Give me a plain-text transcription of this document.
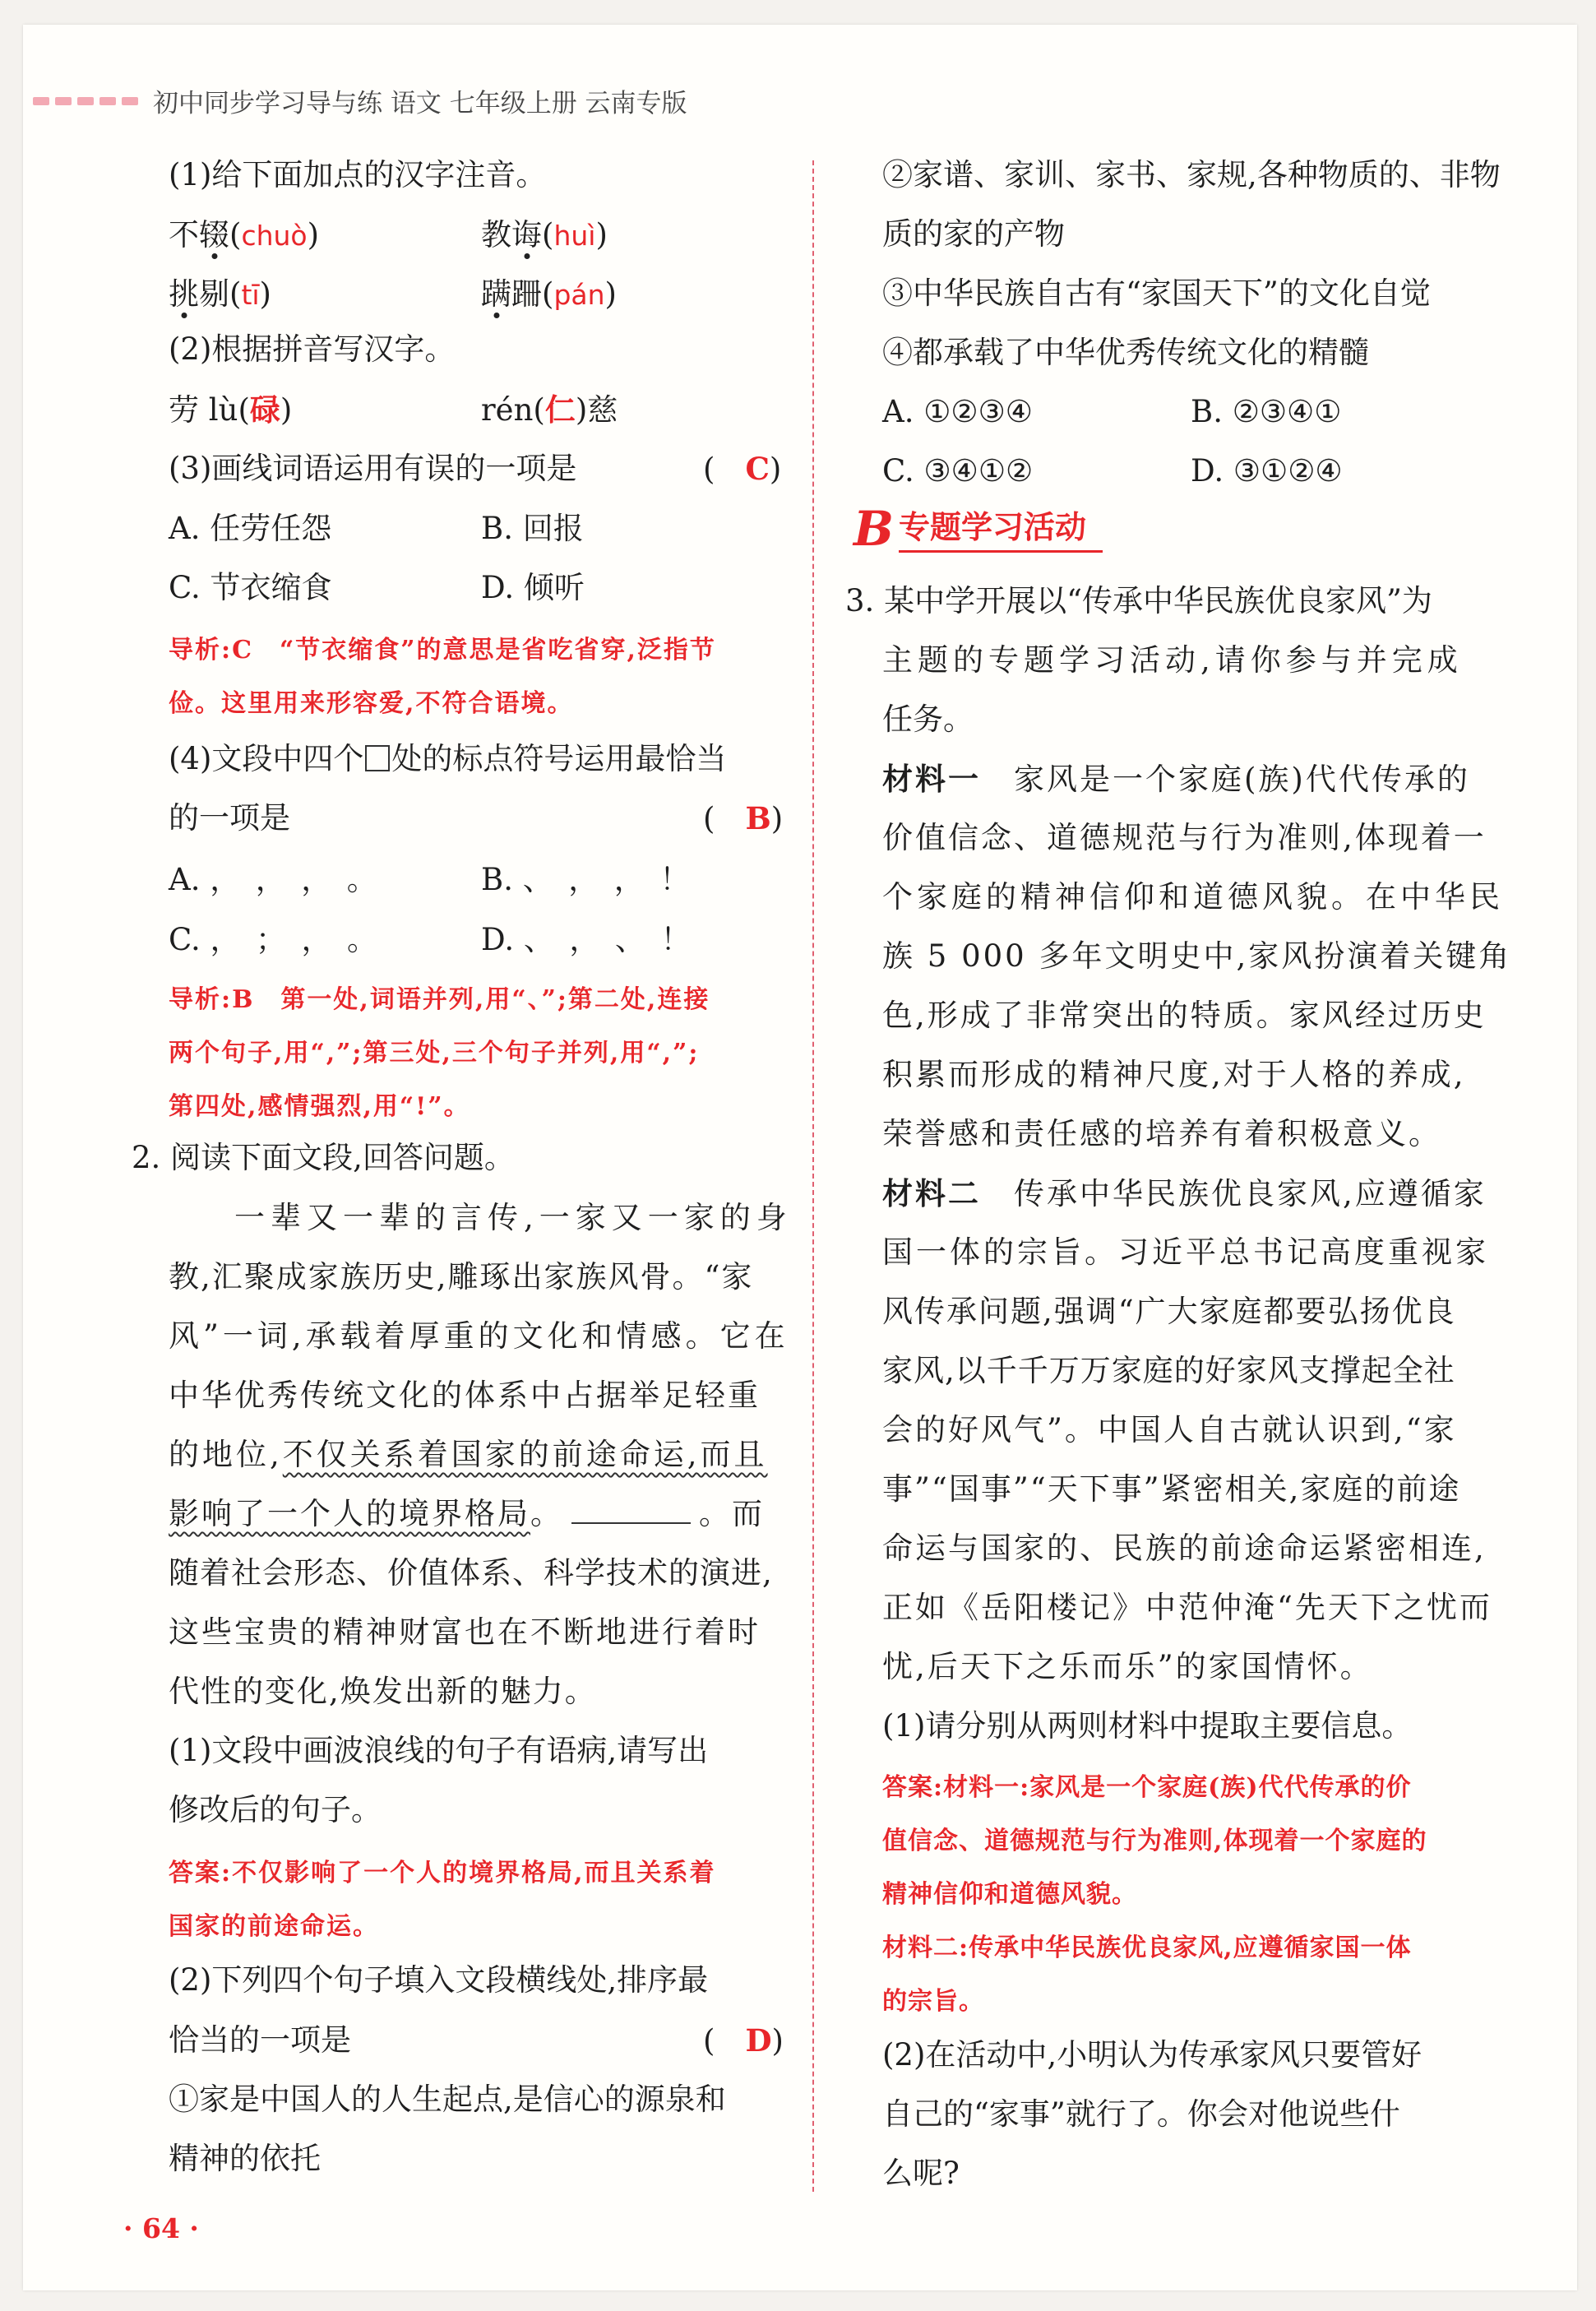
初中同步学习导与练 语文 七年级上册 云南专版
(1)给下面加点的汉字注音。
不辍(chuò)	教诲(huì)
挑剔(tī)	蹒跚(pán)
(2)根据拼音写汉字。
劳 lù(碌)	rén(仁)慈
(3)画线词语运用有误的一项是	(　C)
A. 任劳任怨	B. 回报
C. 节衣缩食	D. 倾听
导析:C　“节衣缩食”的意思是省吃省穿,泛指节
俭。这里用来形容爱,不符合语境。
(4)文段中四个 处的标点符号运用最恰当
的一项是	(　B)
A. ，　，　，　。	B. 、　，　，　！
C. ，　；　，　。	D. 、　，　、　！
导析:B　第一处,词语并列,用“、”;第二处,连接
两个句子,用“,”;第三处,三个句子并列,用“,”;
第四处,感情强烈,用“!”。
2. 阅读下面文段,回答问题。
一辈又一辈的言传,一家又一家的身
教,汇聚成家族历史,雕琢出家族风骨。“家
风”一词,承载着厚重的文化和情感。它在
中华优秀传统文化的体系中占据举足轻重
的地位,不仅关系着国家的前途命运,而且
影响了一个人的境界格局。	。而
随着社会形态、价值体系、科学技术的演进,
这些宝贵的精神财富也在不断地进行着时
代性的变化,焕发出新的魅力。
(1)文段中画波浪线的句子有语病,请写出
修改后的句子。
答案:不仅影响了一个人的境界格局,而且关系着
国家的前途命运。
(2)下列四个句子填入文段横线处,排序最
恰当的一项是	(　D)
①家是中国人的人生起点,是信心的源泉和
精神的依托
②家谱、家训、家书、家规,各种物质的、非物
质的家的产物
③中华民族自古有“家国天下”的文化自觉
④都承载了中华优秀传统文化的精髓
A. ①②③④	B. ②③④①
C. ③④①②	D. ③①②④
B 专题学习活动
3. 某中学开展以“传承中华民族优良家风”为
主题的专题学习活动,请你参与并完成
任务。
材料一　 家风是一个家庭(族)代代传承的
价值信念、道德规范与行为准则,体现着一
个家庭的精神信仰和道德风貌。在中华民
族 5 000 多年文明史中,家风扮演着关键角
色,形成了非常突出的特质。家风经过历史
积累而形成的精神尺度,对于人格的养成,
荣誉感和责任感的培养有着积极意义。
材料二　 传承中华民族优良家风,应遵循家
国一体的宗旨。习近平总书记高度重视家
风传承问题,强调“广大家庭都要弘扬优良
家风,以千千万万家庭的好家风支撑起全社
会的好风气”。中国人自古就认识到,“家
事”“国事”“天下事”紧密相关,家庭的前途
命运与国家的、民族的前途命运紧密相连,
正如《岳阳楼记》中范仲淹“先天下之忧而
忧,后天下之乐而乐”的家国情怀。
(1)请分别从两则材料中提取主要信息。
答案:材料一:家风是一个家庭(族)代代传承的价
值信念、道德规范与行为准则,体现着一个家庭的
精神信仰和道德风貌。
材料二:传承中华民族优良家风,应遵循家国一体
的宗旨。
(2)在活动中,小明认为传承家风只要管好
自己的“家事”就行了。你会对他说些什
么呢?
· 64 ·
